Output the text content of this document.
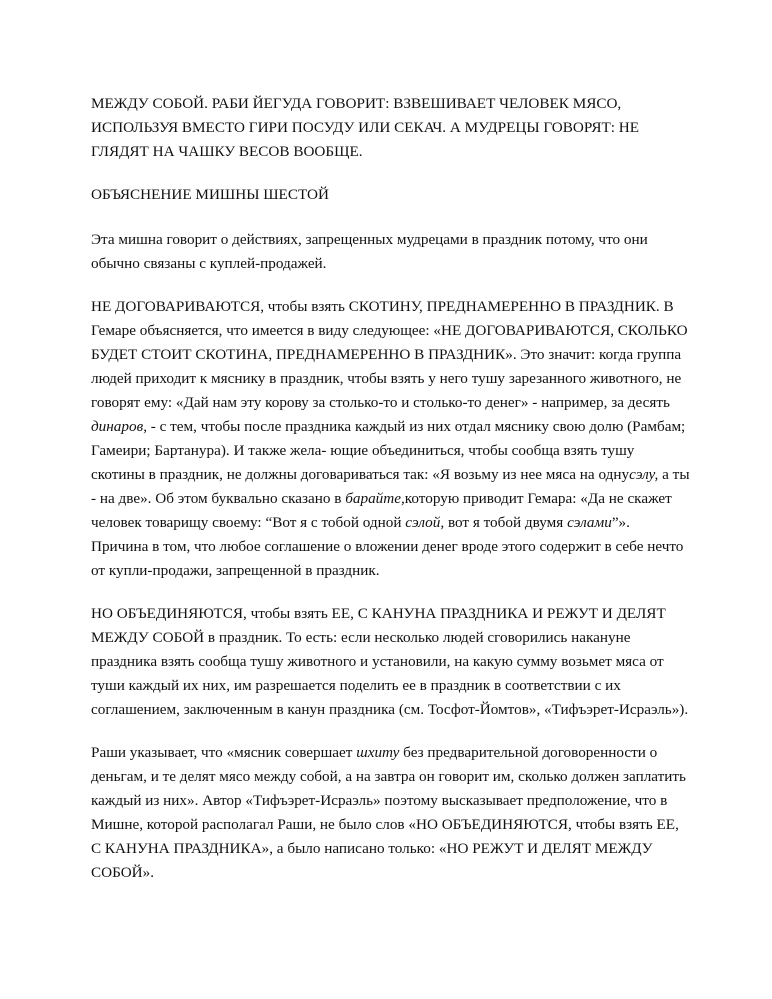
МЕЖДУ СОБОЙ. РАБИ ЙЕГУДА ГОВОРИТ: ВЗВЕШИВАЕТ ЧЕЛОВЕК МЯСО, ИСПОЛЬЗУЯ ВМЕСТО ГИРИ ПОСУДУ ИЛИ СЕКАЧ. А МУДРЕЦЫ ГОВОРЯТ: НЕ ГЛЯДЯТ НА ЧАШКУ ВЕСОВ ВООБЩЕ.

ОБЪЯСНЕНИЕ МИШНЫ ШЕСТОЙ

Эта мишна говорит о действиях, запрещенных мудрецами в праздник потому, что они обычно связаны с куплей-продажей.

НЕ ДОГОВАРИВАЮТСЯ, чтобы взять СКОТИНУ, ПРЕДНАМЕРЕННО В ПРАЗДНИК. В Гемаре объясняется, что имеется в виду следующее: «НЕ ДОГОВАРИВАЮТСЯ, СКОЛЬКО БУДЕТ СТОИТ СКОТИНА, ПРЕДНАМЕРЕННО В ПРАЗДНИК». Это значит: когда группа людей приходит к мяснику в праздник, чтобы взять у него тушу зарезанного животного, не говорят ему: «Дай нам эту корову за столько-то и столько-то денег» - например, за десять динаров, - с тем, чтобы после праздника каждый из них отдал мяснику свою долю (Рамбам; Гамеири; Бартанура). И также жела- ющие объединиться, чтобы сообща взять тушу скотины в праздник, не должны договариваться так: «Я возьму из нее мяса на однусэлу, а ты - на две». Об этом буквально сказано в барайте,которую приводит Гемара: «Да не скажет человек товарищу своему: “Вот я с тобой одной сэлой, вот я тобой двумя сэлами”». Причина в том, что любое соглашение о вложении денег вроде этого содержит в себе нечто от купли-продажи, запрещенной в праздник.

НО ОБЪЕДИНЯЮТСЯ, чтобы взять ЕЕ, С КАНУНА ПРАЗДНИКА И РЕЖУТ И ДЕЛЯТ МЕЖДУ СОБОЙ в праздник. То есть: если несколько людей сговорились накануне праздника взять сообща тушу животного и установили, на какую сумму возьмет мяса от туши каждый их них, им разрешается поделить ее в праздник в соответствии с их соглашением, заключенным в канун праздника (см. Тосфот-Йомтов», «Тифъэрет-Исраэль»).

Раши указывает, что «мясник совершает шхиту без предварительной договоренности о деньгам, и те делят мясо между собой, а на завтра он говорит им, сколько должен заплатить каждый из них». Автор «Тифъэрет-Исраэль» поэтому высказывает предположение, что в Мишне, которой располагал Раши, не было слов «НО ОБЪЕДИНЯЮТСЯ, чтобы взять ЕЕ, С КАНУНА ПРАЗДНИКА», а было написано только: «НО РЕЖУТ И ДЕЛЯТ МЕЖДУ СОБОЙ».
